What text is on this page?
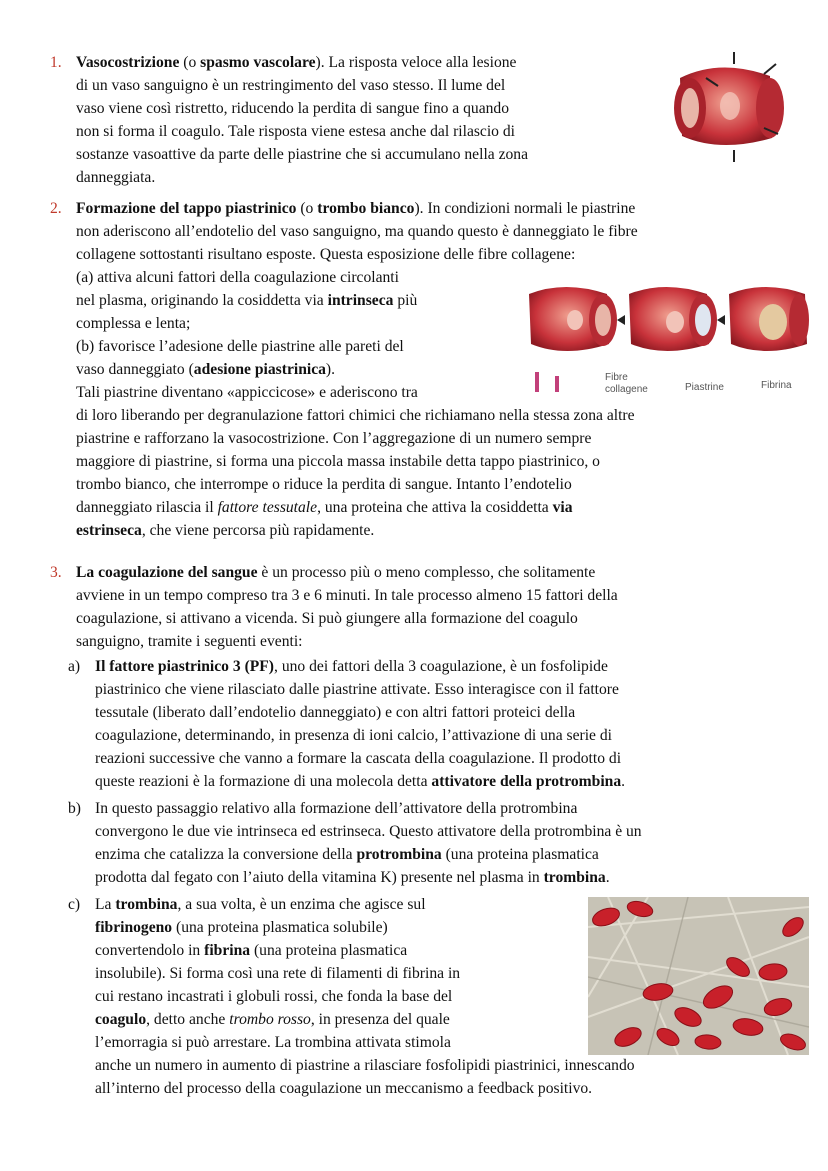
1. Vasocostrizione (o spasmo vascolare). La risposta veloce alla lesione
di un vaso sanguigno è un restringimento del vaso stesso. Il lume del
vaso viene così ristretto, riducendo la perdita di sangue fino a quando
non si forma il coagulo. Tale risposta viene estesa anche dal rilascio di
sostanze vasoattive da parte delle piastrine che si accumulano nella zona
danneggiata.
2. Formazione del tappo piastrinico (o trombo bianco). In condizioni normali le piastrine
non aderiscono all’endotelio del vaso sanguigno, ma quando questo è danneggiato le fibre
collagene sottostanti risultano esposte. Questa esposizione delle fibre collagene:
(a) attiva alcuni fattori della coagulazione circolanti
nel plasma, originando la cosiddetta via intrinseca più
complessa e lenta;
(b) favorisce l’adesione delle piastrine alle pareti del
vaso danneggiato (adesione piastrinica).
Tali piastrine diventano «appiccicose» e aderiscono tra
di loro liberando per degranulazione fattori chimici che richiamano nella stessa zona altre
piastrine e rafforzano la vasocostrizione. Con l’aggregazione di un numero sempre
maggiore di piastrine, si forma una piccola massa instabile detta tappo piastrinico, o
trombo bianco, che interrompe o riduce la perdita di sangue. Intanto l’endotelio
danneggiato rilascia il fattore tessutale, una proteina che attiva la cosiddetta via
estrinseca, che viene percorsa più rapidamente.
Fibre
collagene	Piastrine	Fibrina
3. La coagulazione del sangue è un processo più o meno complesso, che solitamente
avviene in un tempo compreso tra 3 e 6 minuti. In tale processo almeno 15 fattori della
coagulazione, si attivano a vicenda. Si può giungere alla formazione del coagulo
sanguigno, tramite i seguenti eventi:
a) Il fattore piastrinico 3 (PF), uno dei fattori della 3 coagulazione, è un fosfolipide
piastrinico che viene rilasciato dalle piastrine attivate. Esso interagisce con il fattore
tessutale (liberato dall’endotelio danneggiato) e con altri fattori proteici della
coagulazione, determinando, in presenza di ioni calcio, l’attivazione di una serie di
reazioni successive che vanno a formare la cascata della coagulazione. Il prodotto di
queste reazioni è la formazione di una molecola detta attivatore della protrombina.
b) In questo passaggio relativo alla formazione dell’attivatore della protrombina
convergono le due vie intrinseca ed estrinseca. Questo attivatore della protrombina è un
enzima che catalizza la conversione della protrombina (una proteina plasmatica
prodotta dal fegato con l’aiuto della vitamina K) presente nel plasma in trombina.
c) La trombina, a sua volta, è un enzima che agisce sul
fibrinogeno (una proteina plasmatica solubile)
convertendolo in fibrina (una proteina plasmatica
insolubile). Si forma così una rete di filamenti di fibrina in
cui restano incastrati i globuli rossi, che fonda la base del
coagulo, detto anche trombo rosso, in presenza del quale
l’emorragia si può arrestare. La trombina attivata stimola
anche un numero in aumento di piastrine a rilasciare fosfolipidi piastrinici, innescando
all’interno del processo della coagulazione un meccanismo a feedback positivo.
